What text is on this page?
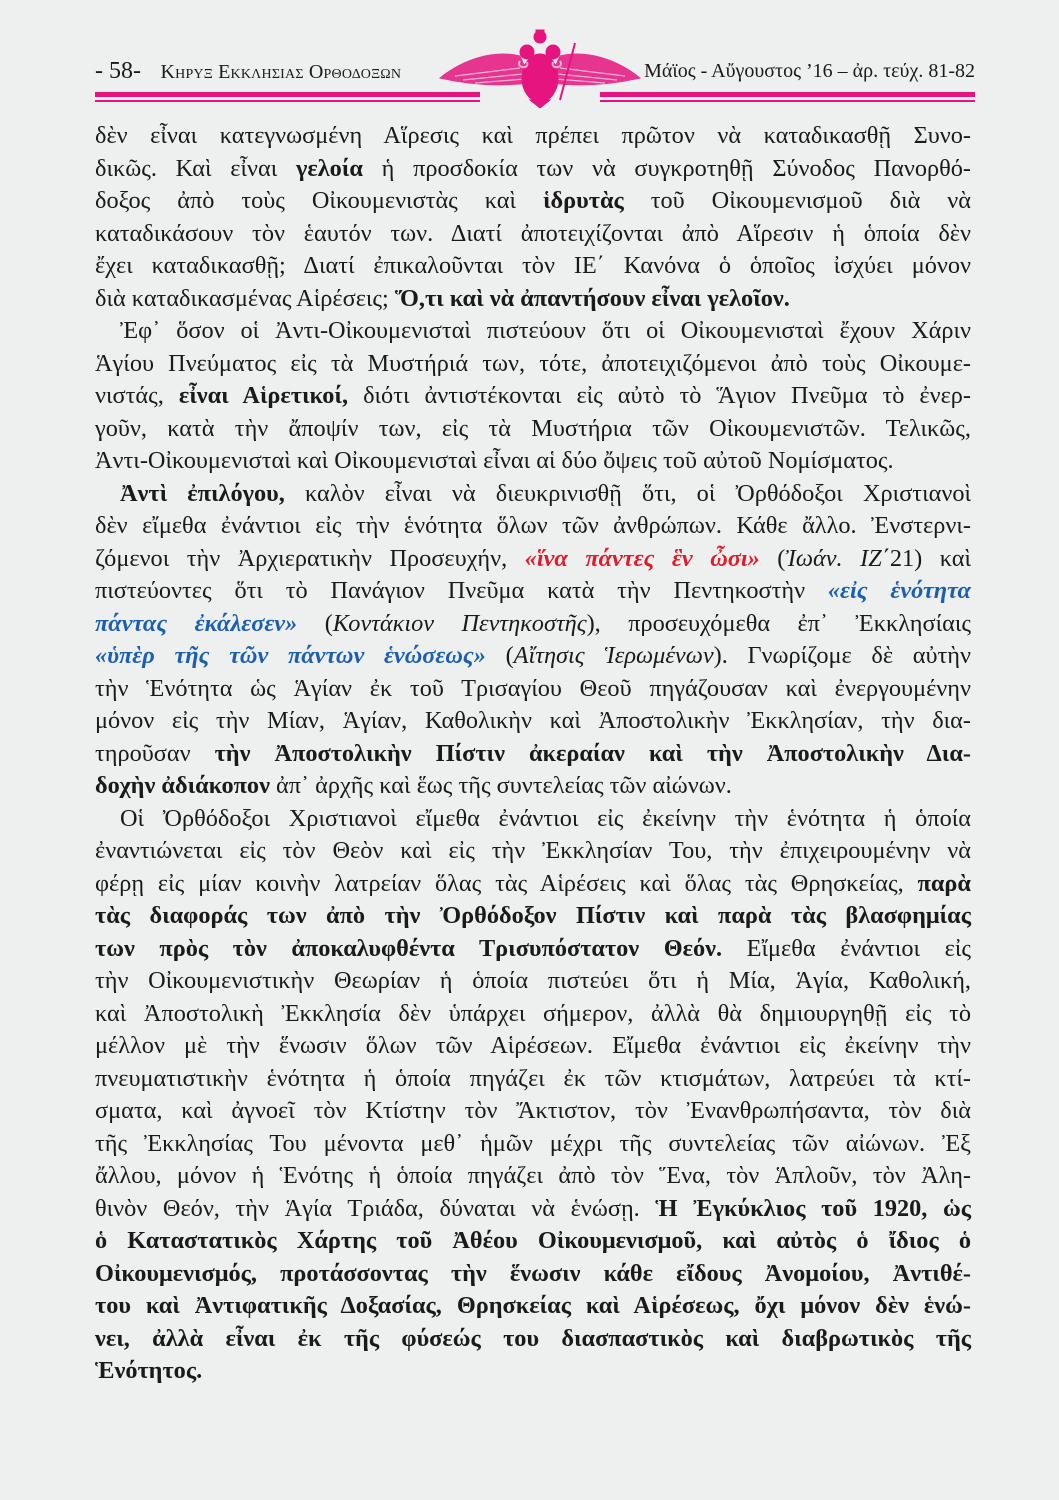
- 58- Κηρυξ Εκκλησιας Ορθοδοξων	Μάϊος - Αὔγουστος ’16 – ἀρ. τεύχ. 81-82
δὲν εἶναι κατεγνωσμένη Αἵρεσις καὶ πρέπει πρῶτον νὰ καταδικασθῇ Συνο-
δικῶς. Καὶ εἶναι γελοία ἡ προσδοκία των νὰ συγκροτηθῇ Σύνοδος Πανορθό-
δοξος ἀπὸ τοὺς Οἰκουμενιστὰς καὶ ἱδρυτὰς τοῦ Οἰκουμενισμοῦ διὰ νὰ
καταδικάσουν τὸν ἑαυτόν των. Διατί ἀποτειχίζονται ἀπὸ Αἵρεσιν ἡ ὁποία δὲν
ἔχει καταδικασθῇ; Διατί ἐπικαλοῦνται τὸν ΙΕ΄ Κανόνα ὁ ὁποῖος ἰσχύει μόνον
διὰ καταδικασμένας Αἱρέσεις; Ὅ,τι καὶ νὰ ἀπαντήσουν εἶναι γελοῖον.
Ἐφ᾽ ὅσον οἱ Ἀντι-Οἰκουμενισταὶ πιστεύουν ὅτι οἱ Οἰκουμενισταὶ ἔχουν Χάριν
Ἁγίου Πνεύματος εἰς τὰ Μυστήριά των, τότε, ἀποτειχιζόμενοι ἀπὸ τοὺς Οἰκουμε-
νιστάς, εἶναι Αἱρετικοί, διότι ἀντιστέκονται εἰς αὐτὸ τὸ Ἅγιον Πνεῦμα τὸ ἐνερ-
γοῦν, κατὰ τὴν ἄποψίν των, εἰς τὰ Μυστήρια τῶν Οἰκουμενιστῶν. Τελικῶς,
Ἀντι-Οἰκουμενισταὶ καὶ Οἰκουμενισταὶ εἶναι αἱ δύο ὄψεις τοῦ αὐτοῦ Νομίσματος.
Ἀντὶ ἐπιλόγου, καλὸν εἶναι νὰ διευκρινισθῇ ὅτι, οἱ Ὀρθόδοξοι Χριστιανοὶ
δὲν εἴμεθα ἐνάντιοι εἰς τὴν ἑνότητα ὅλων τῶν ἀνθρώπων. Κάθε ἄλλο. Ἐνστερνι-
ζόμενοι τὴν Ἀρχιερατικὴν Προσευχήν, «ἵνα πάντες ἓν ὦσι» (Ἰωάν. ΙΖ΄21) καὶ
πιστεύοντες ὅτι τὸ Πανάγιον Πνεῦμα κατὰ τὴν Πεντηκοστὴν «εἰς ἑνότητα
πάντας ἐκάλεσεν» (Κοντάκιον Πεντηκοστῆς), προσευχόμεθα ἐπ᾽ Ἐκκλησίαις
«ὑπὲρ τῆς τῶν πάντων ἑνώσεως» (Αἴτησις Ἱερωμένων). Γνωρίζομε δὲ αὐτὴν
τὴν Ἑνότητα ὡς Ἁγίαν ἐκ τοῦ Τρισαγίου Θεοῦ πηγάζουσαν καὶ ἐνεργουμένην
μόνον εἰς τὴν Μίαν, Ἁγίαν, Καθολικὴν καὶ Ἀποστολικὴν Ἐκκλησίαν, τὴν δια-
τηροῦσαν τὴν Ἀποστολικὴν Πίστιν ἀκεραίαν καὶ τὴν Ἀποστολικὴν Δια-
δοχὴν ἀδιάκοπον ἀπ᾽ ἀρχῆς καὶ ἕως τῆς συντελείας τῶν αἰώνων.
Οἱ Ὀρθόδοξοι Χριστιανοὶ εἴμεθα ἐνάντιοι εἰς ἐκείνην τὴν ἑνότητα ἡ ὁποία
ἐναντιώνεται εἰς τὸν Θεὸν καὶ εἰς τὴν Ἐκκλησίαν Του, τὴν ἐπιχειρουμένην νὰ
φέρῃ εἰς μίαν κοινὴν λατρείαν ὅλας τὰς Αἱρέσεις καὶ ὅλας τὰς Θρησκείας, παρὰ
τὰς διαφοράς των ἀπὸ τὴν Ὀρθόδοξον Πίστιν καὶ παρὰ τὰς βλασφημίας
των πρὸς τὸν ἀποκαλυφθέντα Τρισυπόστατον Θεόν. Εἴμεθα ἐνάντιοι εἰς
τὴν Οἰκουμενιστικὴν Θεωρίαν ἡ ὁποία πιστεύει ὅτι ἡ Μία, Ἁγία, Καθολική,
καὶ Ἀποστολικὴ Ἐκκλησία δὲν ὑπάρχει σήμερον, ἀλλὰ θὰ δημιουργηθῇ εἰς τὸ
μέλλον μὲ τὴν ἕνωσιν ὅλων τῶν Αἱρέσεων. Εἴμεθα ἐνάντιοι εἰς ἐκείνην τὴν
πνευματιστικὴν ἑνότητα ἡ ὁποία πηγάζει ἐκ τῶν κτισμάτων, λατρεύει τὰ κτί-
σματα, καὶ ἀγνοεῖ τὸν Κτίστην τὸν Ἄκτιστον, τὸν Ἐνανθρωπήσαντα, τὸν διὰ
τῆς Ἐκκλησίας Του μένοντα μεθ᾽ ἡμῶν μέχρι τῆς συντελείας τῶν αἰώνων. Ἐξ
ἄλλου, μόνον ἡ Ἑνότης ἡ ὁποία πηγάζει ἀπὸ τὸν Ἕνα, τὸν Ἁπλοῦν, τὸν Ἀλη-
θινὸν Θεόν, τὴν Ἁγία Τριάδα, δύναται νὰ ἑνώσῃ. Ἡ Ἐγκύκλιος τοῦ 1920, ὡς
ὁ Καταστατικὸς Χάρτης τοῦ Ἀθέου Οἰκουμενισμοῦ, καὶ αὐτὸς ὁ ἴδιος ὁ
Οἰκουμενισμός, προτάσσοντας τὴν ἕνωσιν κάθε εἴδους Ἀνομοίου, Ἀντιθέ-
του καὶ Ἀντιφατικῆς Δοξασίας, Θρησκείας καὶ Αἱρέσεως, ὄχι μόνον δὲν ἑνώ-
νει, ἀλλὰ εἶναι ἐκ τῆς φύσεώς του διασπαστικὸς καὶ διαβρωτικὸς τῆς
Ἑνότητος.
